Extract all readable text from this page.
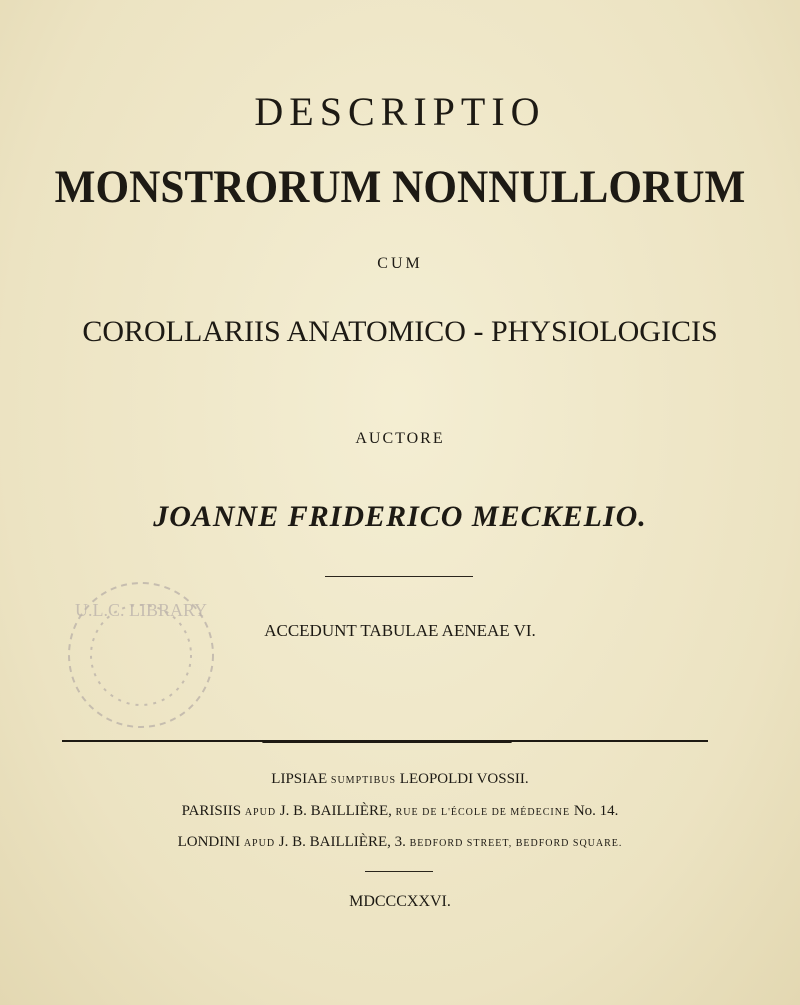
DESCRIPTIO
MONSTRORUM NONNULLORUM
CUM
COROLLARIIS ANATOMICO - PHYSIOLOGICIS
AUCTORE
JOANNE FRIDERICO MECKELIO.
U.L.C. LIBRARY
ACCEDUNT TABULAE AENEAE VI.
LIPSIAE SUMPTIBUS LEOPOLDI VOSSII.
PARISIIS APUD J. B. BAILLIÈRE, RUE DE L'ÉCOLE DE MÉDECINE No. 14.
LONDINI APUD J. B. BAILLIÈRE, 3. BEDFORD STREET, BEDFORD SQUARE.
MDCCCXXVI.
